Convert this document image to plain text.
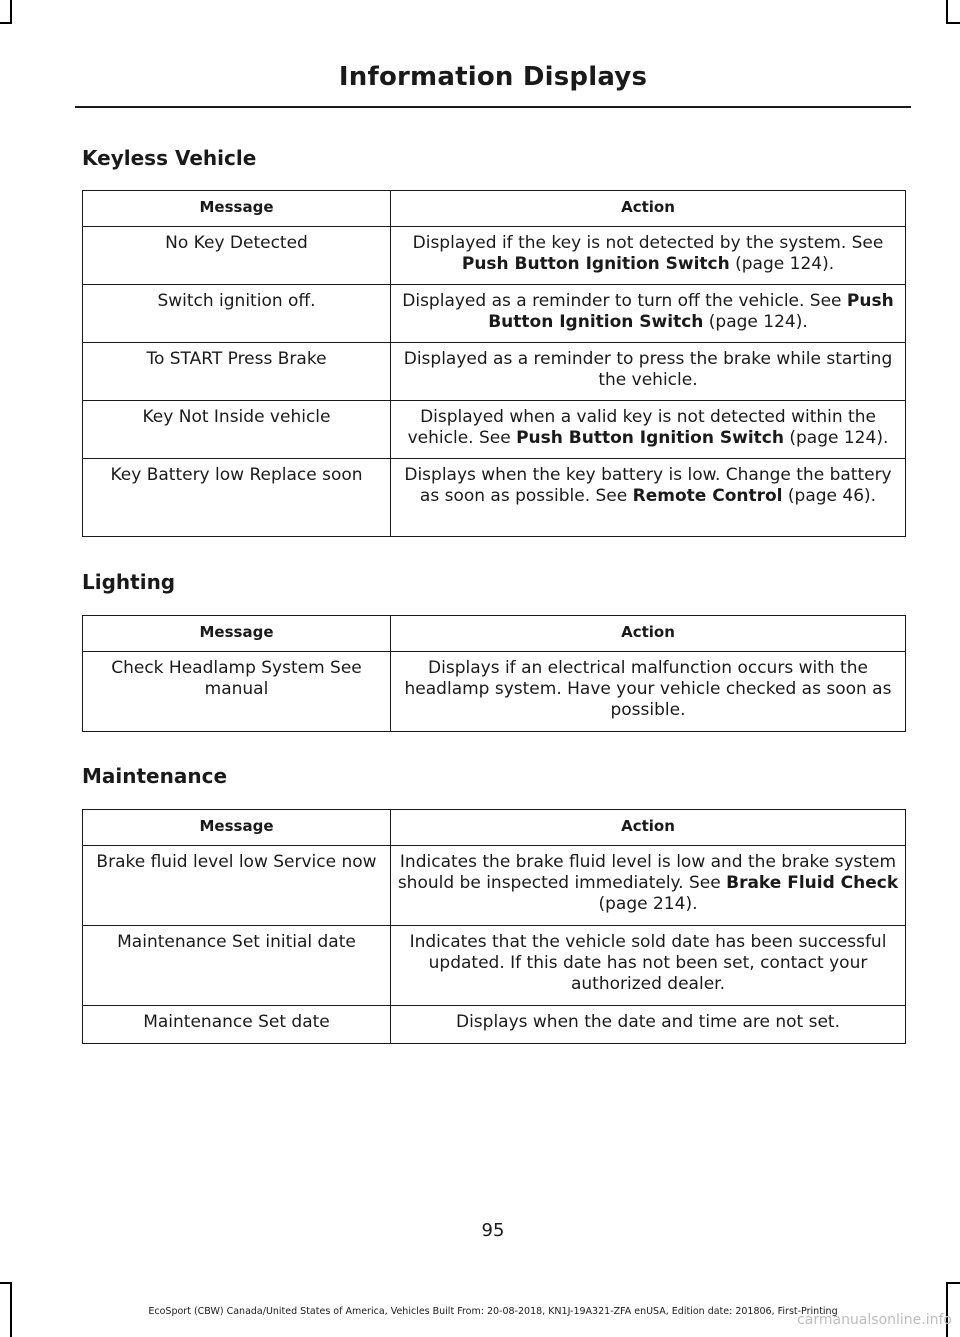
Information Displays
Keyless Vehicle
Message	Action
No Key Detected	Displayed if the key is not detected by the system. See Push Button Ignition Switch (page 124).
Switch ignition off.	Displayed as a reminder to turn off the vehicle. See Push Button Ignition Switch (page 124).
To START Press Brake	Displayed as a reminder to press the brake while starting the vehicle.
Key Not Inside vehicle	Displayed when a valid key is not detected within the vehicle. See Push Button Ignition Switch (page 124).
Key Battery low Replace soon	Displays when the key battery is low. Change the battery as soon as possible. See Remote Control (page 46).
Lighting
Message	Action
Check Headlamp System See manual	Displays if an electrical malfunction occurs with the headlamp system. Have your vehicle checked as soon as possible.
Maintenance
Message	Action
Brake fluid level low Service now	Indicates the brake fluid level is low and the brake system should be inspected immediately. See Brake Fluid Check (page 214).
Maintenance Set initial date	Indicates that the vehicle sold date has been successful updated. If this date has not been set, contact your authorized dealer.
Maintenance Set date	Displays when the date and time are not set.
95
EcoSport (CBW) Canada/United States of America, Vehicles Built From: 20-08-2018, KN1J-19A321-ZFA enUSA, Edition date: 201806, First-Printing
carmanualsonline.info
